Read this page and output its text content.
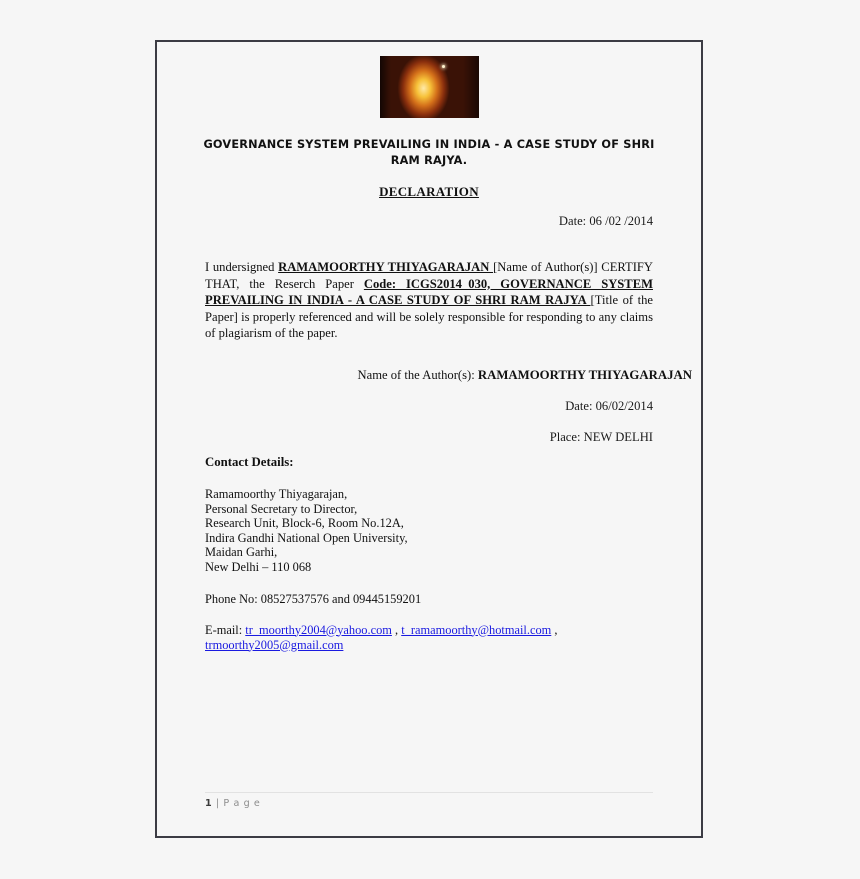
GOVERNANCE SYSTEM PREVAILING IN INDIA - A CASE STUDY OF SHRI RAM RAJYA.
DECLARATION
Date: 06 /02 /2014
I undersigned RAMAMOORTHY THIYAGARAJAN [Name of Author(s)] CERTIFY THAT, the Reserch Paper Code: ICGS2014_030, GOVERNANCE SYSTEM PREVAILING IN INDIA - A CASE STUDY OF SHRI RAM RAJYA [Title of the Paper] is properly referenced and will be solely responsible for responding to any claims of plagiarism of the paper.
Name of the Author(s): RAMAMOORTHY THIYAGARAJAN
Date: 06/02/2014
Place: NEW DELHI
Contact Details:
Ramamoorthy Thiyagarajan,
Personal Secretary to Director,
Research Unit, Block-6, Room No.12A,
Indira Gandhi National Open University,
Maidan Garhi,
New Delhi – 110 068
Phone No: 08527537576 and 09445159201
E-mail: tr_moorthy2004@yahoo.com , t_ramamoorthy@hotmail.com , trmoorthy2005@gmail.com
1 | P a g e
